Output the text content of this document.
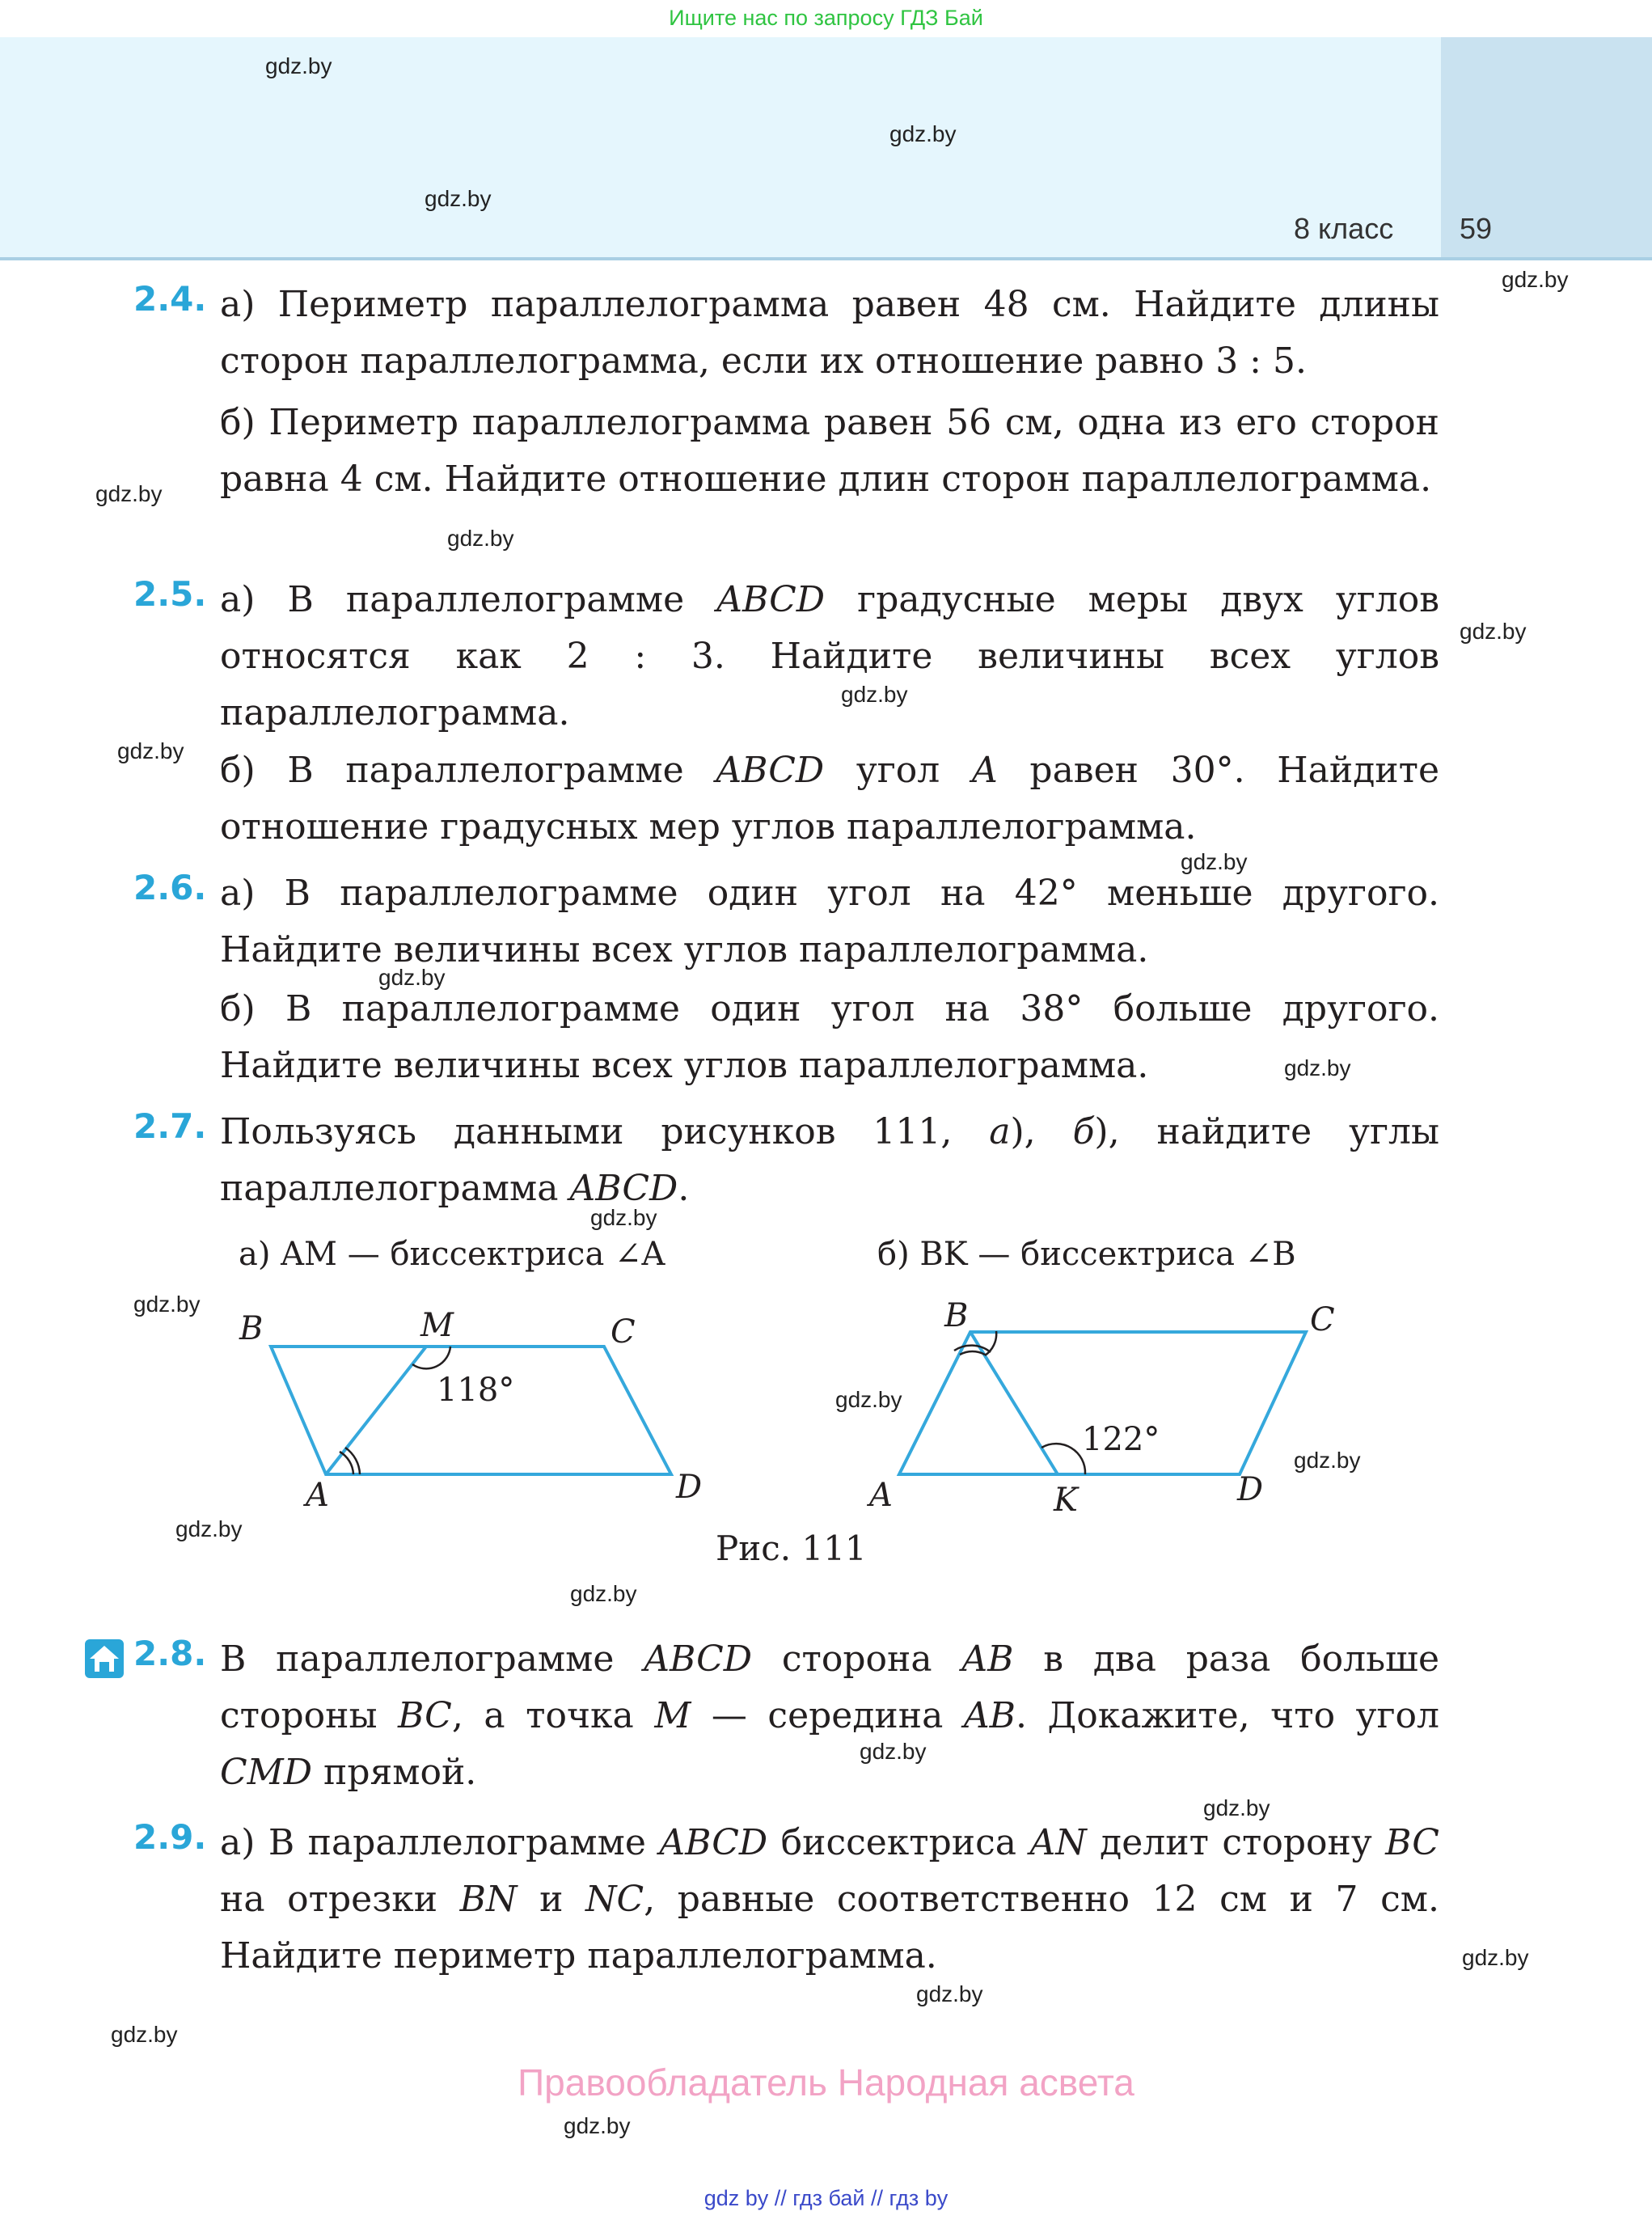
Ищите нас по запросу ГДЗ Бай
8 класс 59
gdz.by
gdz.by
gdz.by
gdz.by
gdz.by
gdz.by
gdz.by
gdz.by
gdz.by
gdz.by
gdz.by
gdz.by
gdz.by
gdz.by
gdz.by
gdz.by
gdz.by
gdz.by
gdz.by
gdz.by
gdz.by
gdz.by
gdz.by
gdz.by
2.4. а) Периметр параллелограмма равен 48 см. Найдите длины сторон параллелограмма, если их отношение равно 3 : 5.
б) Периметр параллелограмма равен 56 см, одна из его сторон равна 4 см. Найдите отношение длин сторон параллелограмма.
2.5. а) В параллелограмме ABCD градусные меры двух углов относятся как 2 : 3. Найдите величины всех углов параллелограмма.
б) В параллелограмме ABCD угол A равен 30°. Найдите отношение градусных мер углов параллелограмма.
2.6. а) В параллелограмме один угол на 42° меньше другого. Найдите величины всех углов параллелограмма.
б) В параллелограмме один угол на 38° больше другого. Найдите величины всех углов параллелограмма.
2.7. Пользуясь данными рисунков 111, а), б), найдите углы параллелограмма ABCD.
а) AM — биссектриса ∠A	б) BK — биссектриса ∠B
B	M	C
A	D
118°
B	C
A	K	D
122°
Рис. 111
2.8. В параллелограмме ABCD сторона AB в два раза больше стороны BC, а точка M — середина AB. Докажите, что угол CMD прямой.
2.9. а) В параллелограмме ABCD биссектриса AN делит сторону BC на отрезки BN и NC, равные соответственно 12 см и 7 см. Найдите периметр параллелограмма.
Правообладатель Народная асвета
gdz by // гдз бай // гдз by
